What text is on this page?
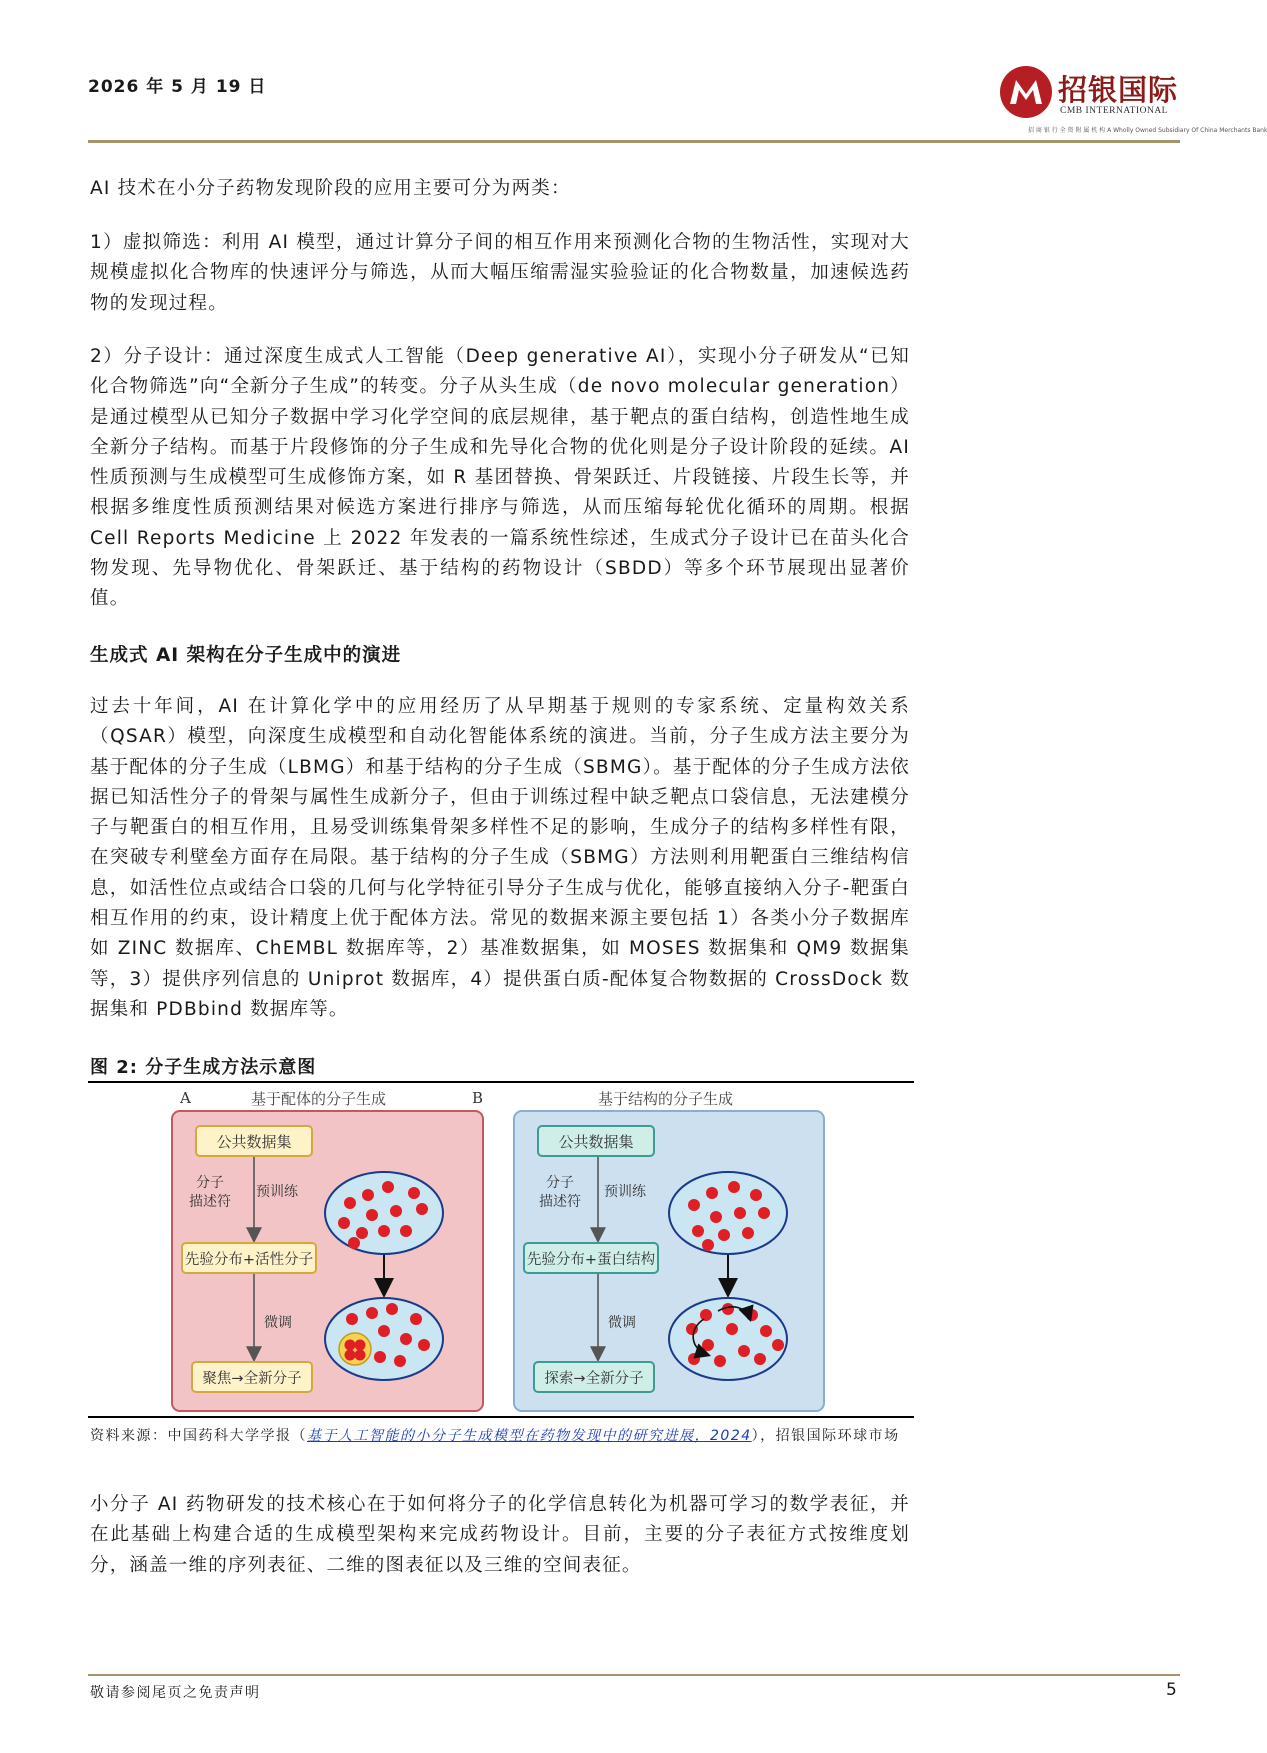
2026 年 5 月 19 日	招银国际
CMB INTERNATIONAL
招 商 银 行 全 资 附 属 机 构 A Wholly Owned Subsidiary Of China Merchants Bank

AI 技术在小分子药物发现阶段的应用主要可分为两类：

1）虚拟筛选：利用 AI 模型，通过计算分子间的相互作用来预测化合物的生物活性，实现对大规模虚拟化合物库的快速评分与筛选，从而大幅压缩需湿实验验证的化合物数量，加速候选药物的发现过程。

2）分子设计：通过深度生成式人工智能（Deep generative AI），实现小分子研发从“已知化合物筛选”向“全新分子生成”的转变。分子从头生成（de novo molecular generation）是通过模型从已知分子数据中学习化学空间的底层规律，基于靶点的蛋白结构，创造性地生成全新分子结构。而基于片段修饰的分子生成和先导化合物的优化则是分子设计阶段的延续。AI 性质预测与生成模型可生成修饰方案，如 R 基团替换、骨架跃迁、片段链接、片段生长等，并根据多维度性质预测结果对候选方案进行排序与筛选，从而压缩每轮优化循环的周期。根据 Cell Reports Medicine 上 2022 年发表的一篇系统性综述，生成式分子设计已在苗头化合物发现、先导物优化、骨架跃迁、基于结构的药物设计（SBDD）等多个环节展现出显著价值。

生成式 AI 架构在分子生成中的演进

过去十年间，AI 在计算化学中的应用经历了从早期基于规则的专家系统、定量构效关系（QSAR）模型，向深度生成模型和自动化智能体系统的演进。当前，分子生成方法主要分为基于配体的分子生成（LBMG）和基于结构的分子生成（SBMG）。基于配体的分子生成方法依据已知活性分子的骨架与属性生成新分子，但由于训练过程中缺乏靶点口袋信息，无法建模分子与靶蛋白的相互作用，且易受训练集骨架多样性不足的影响，生成分子的结构多样性有限，在突破专利壁垒方面存在局限。基于结构的分子生成（SBMG）方法则利用靶蛋白三维结构信息，如活性位点或结合口袋的几何与化学特征引导分子生成与优化，能够直接纳入分子-靶蛋白相互作用的约束，设计精度上优于配体方法。常见的数据来源主要包括 1）各类小分子数据库如 ZINC 数据库、ChEMBL 数据库等，2）基准数据集，如 MOSES 数据集和 QM9 数据集等，3）提供序列信息的 Uniprot 数据库，4）提供蛋白质-配体复合物数据的 CrossDock 数据集和 PDBbind 数据库等。

图 2: 分子生成方法示意图
A	基于配体的分子生成
公共数据集
分子
描述符
预训练
先验分布+活性分子
微调
聚焦→全新分子
B	基于结构的分子生成
公共数据集
分子
描述符
预训练
先验分布+蛋白结构
微调
探索→全新分子
资料来源：中国药科大学学报（基于人工智能的小分子生成模型在药物发现中的研究进展，2024），招银国际环球市场

小分子 AI 药物研发的技术核心在于如何将分子的化学信息转化为机器可学习的数学表征，并在此基础上构建合适的生成模型架构来完成药物设计。目前，主要的分子表征方式按维度划分，涵盖一维的序列表征、二维的图表征以及三维的空间表征。

敬请参阅尾页之免责声明	5
